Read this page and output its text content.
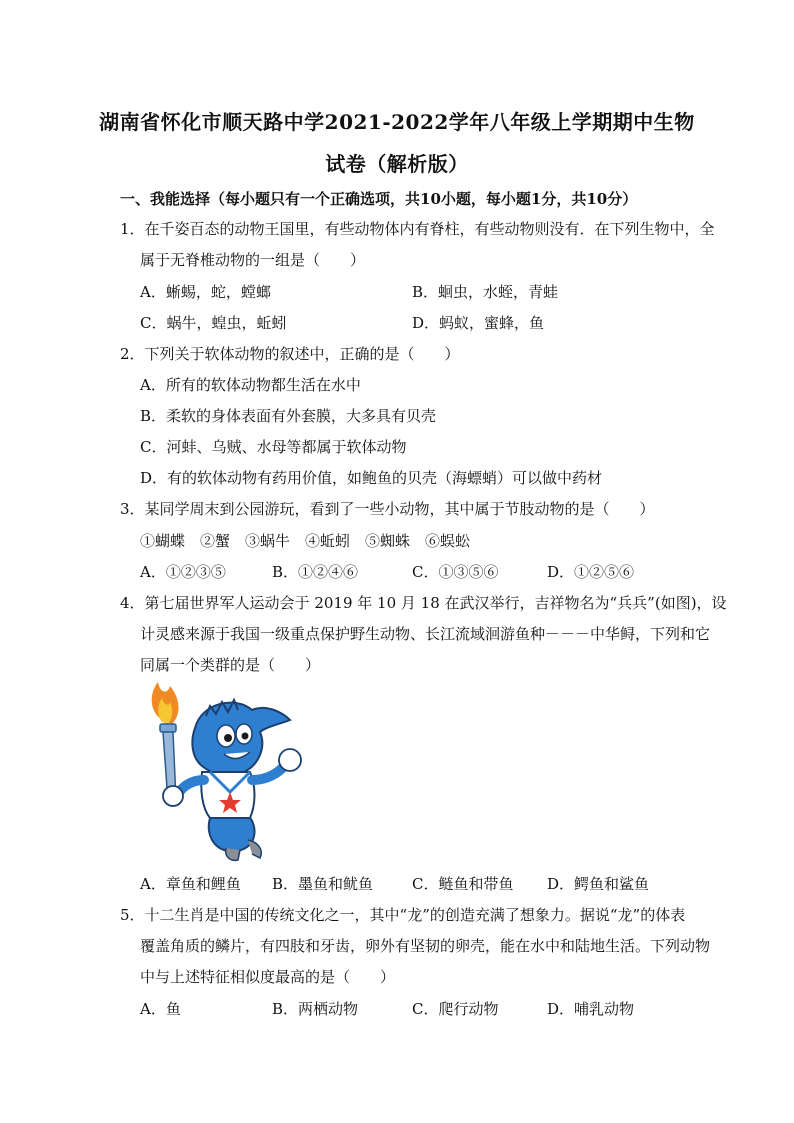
湖南省怀化市顺天路中学2021-2022学年八年级上学期期中生物
试卷（解析版）
一、我能选择（每小题只有一个正确选项，共10小题，每小题1分，共10分）
1．在千姿百态的动物王国里，有些动物体内有脊柱，有些动物则没有．在下列生物中，全
属于无脊椎动物的一组是（　　）
A．蜥蜴，蛇，螳螂	B．蛔虫，水蛭，青蛙
C．蜗牛，蝗虫，蚯蚓	D．蚂蚁，蜜蜂，鱼
2．下列关于软体动物的叙述中，正确的是（　　）
A．所有的软体动物都生活在水中
B．柔软的身体表面有外套膜，大多具有贝壳
C．河蚌、乌贼、水母等都属于软体动物
D．有的软体动物有药用价值，如鲍鱼的贝壳（海螵蛸）可以做中药材
3．某同学周末到公园游玩，看到了一些小动物，其中属于节肢动物的是（　　）
①蝴蝶　②蟹　③蜗牛　④蚯蚓　⑤蜘蛛　⑥蜈蚣
A．①②③⑤	B．①②④⑥	C．①③⑤⑥	D．①②⑤⑥
4．第七届世界军人运动会于 2019 年 10 月 18 在武汉举行，吉祥物名为“兵兵”(如图)，设
计灵感来源于我国一级重点保护野生动物、长江流域洄游鱼种－－－中华鲟，下列和它
同属一个类群的是（　　）
A．章鱼和鲤鱼 B．墨鱼和鱿鱼	C．鲢鱼和带鱼 D．鳄鱼和鲨鱼
5．十二生肖是中国的传统文化之一，其中“龙”的创造充满了想象力。据说“龙”的体表
覆盖角质的鳞片，有四肢和牙齿，卵外有坚韧的卵壳，能在水中和陆地生活。下列动物
中与上述特征相似度最高的是（　　）
A．鱼	B．两栖动物	C．爬行动物	D．哺乳动物
